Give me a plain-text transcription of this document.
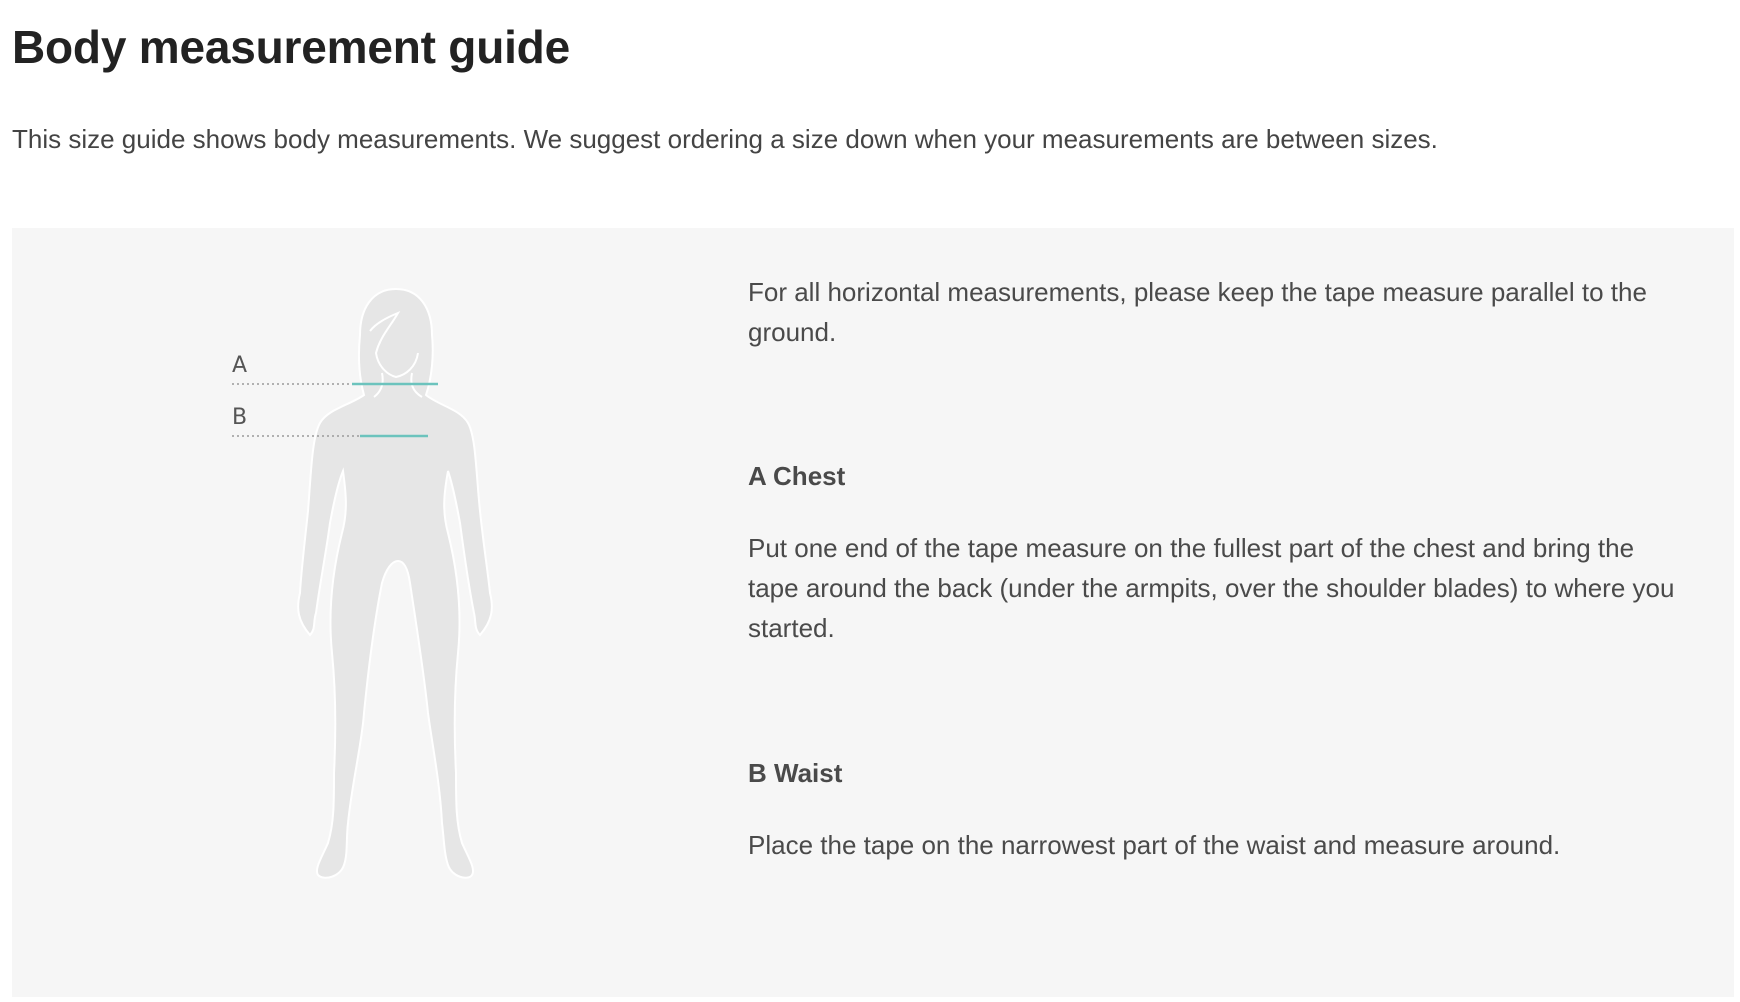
Body measurement guide

This size guide shows body measurements. We suggest ordering a size down when your measurements are between sizes.

A
B

For all horizontal measurements, please keep the tape measure parallel to the ground.

A Chest

Put one end of the tape measure on the fullest part of the chest and bring the tape around the back (under the armpits, over the shoulder blades) to where you started.

B Waist

Place the tape on the narrowest part of the waist and measure around.
